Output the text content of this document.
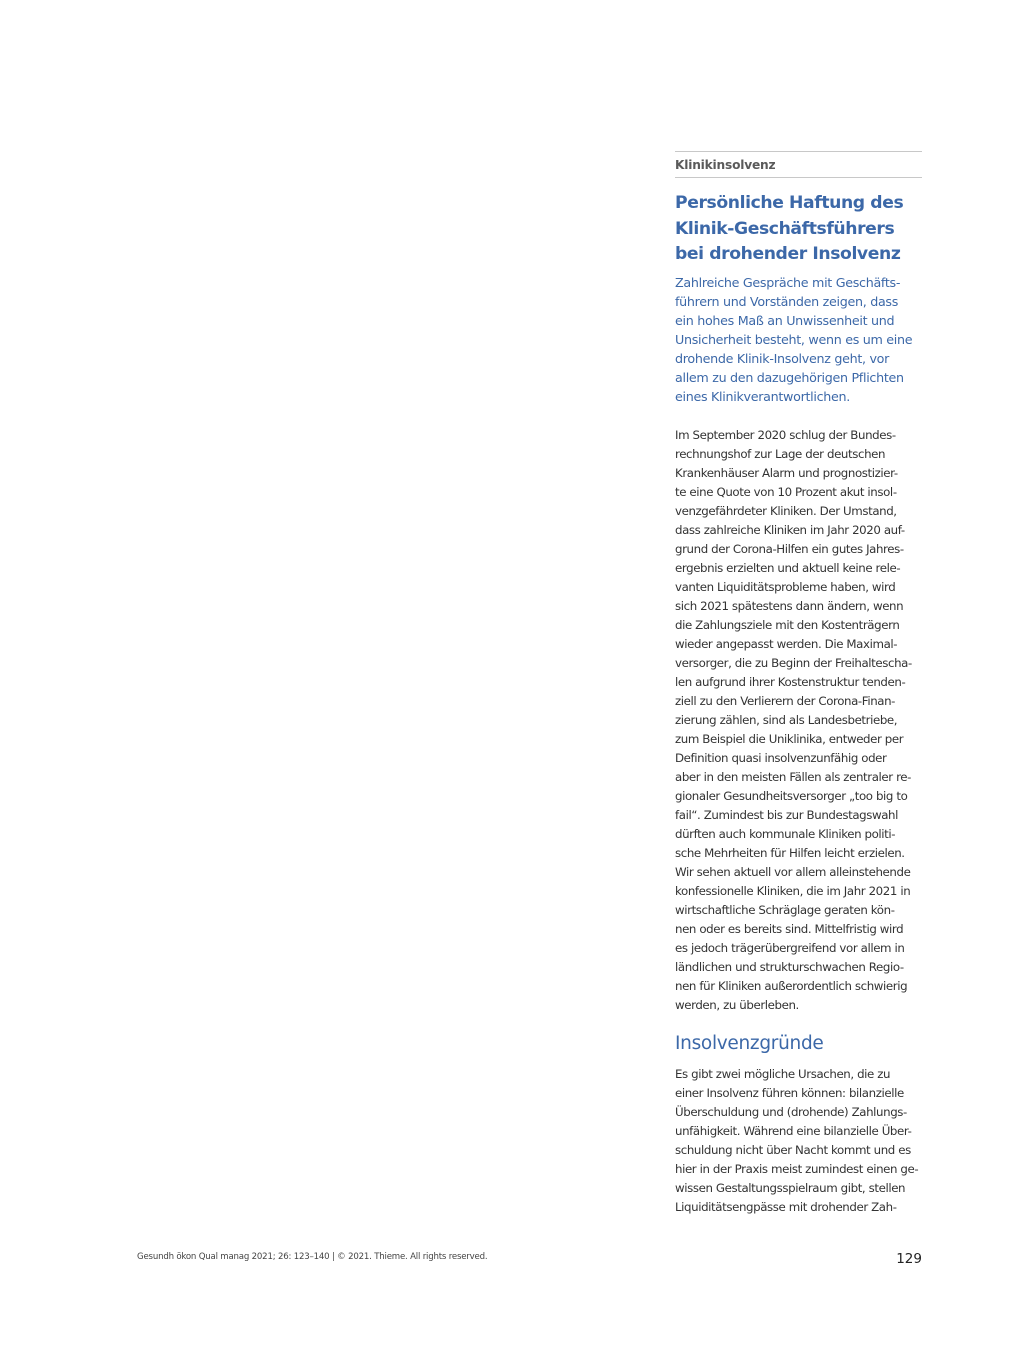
Klinikinsolvenz
Persönliche Haftung des
Klinik-Geschäftsführers
bei drohender Insolvenz
Zahlreiche Gespräche mit Geschäfts-
führern und Vorständen zeigen, dass
ein hohes Maß an Unwissenheit und
Unsicherheit besteht, wenn es um eine
drohende Klinik-Insolvenz geht, vor
allem zu den dazugehörigen Pflichten
eines Klinikverantwortlichen.
Im September 2020 schlug der Bundes-
rechnungshof zur Lage der deutschen
Krankenhäuser Alarm und prognostizier-
te eine Quote von 10 Prozent akut insol-
venzgefährdeter Kliniken. Der Umstand,
dass zahlreiche Kliniken im Jahr 2020 auf-
grund der Corona-Hilfen ein gutes Jahres-
ergebnis erzielten und aktuell keine rele-
vanten Liquiditätsprobleme haben, wird
sich 2021 spätestens dann ändern, wenn
die Zahlungsziele mit den Kostenträgern
wieder angepasst werden. Die Maximal-
versorger, die zu Beginn der Freihaltescha-
len aufgrund ihrer Kostenstruktur tenden-
ziell zu den Verlierern der Corona-Finan-
zierung zählen, sind als Landesbetriebe,
zum Beispiel die Uniklinika, entweder per
Definition quasi insolvenzunfähig oder
aber in den meisten Fällen als zentraler re-
gionaler Gesundheitsversorger „too big to
fail“. Zumindest bis zur Bundestagswahl
dürften auch kommunale Kliniken politi-
sche Mehrheiten für Hilfen leicht erzielen.
Wir sehen aktuell vor allem alleinstehende
konfessionelle Kliniken, die im Jahr 2021 in
wirtschaftliche Schräglage geraten kön-
nen oder es bereits sind. Mittelfristig wird
es jedoch trägerübergreifend vor allem in
ländlichen und strukturschwachen Regio-
nen für Kliniken außerordentlich schwierig
werden, zu überleben.
Insolvenzgründe
Es gibt zwei mögliche Ursachen, die zu
einer Insolvenz führen können: bilanzielle
Überschuldung und (drohende) Zahlungs-
unfähigkeit. Während eine bilanzielle Über-
schuldung nicht über Nacht kommt und es
hier in der Praxis meist zumindest einen ge-
wissen Gestaltungsspielraum gibt, stellen
Liquiditätsengpässe mit drohender Zah-
Gesundh ökon Qual manag 2021; 26: 123–140 | © 2021. Thieme. All rights reserved.	129
